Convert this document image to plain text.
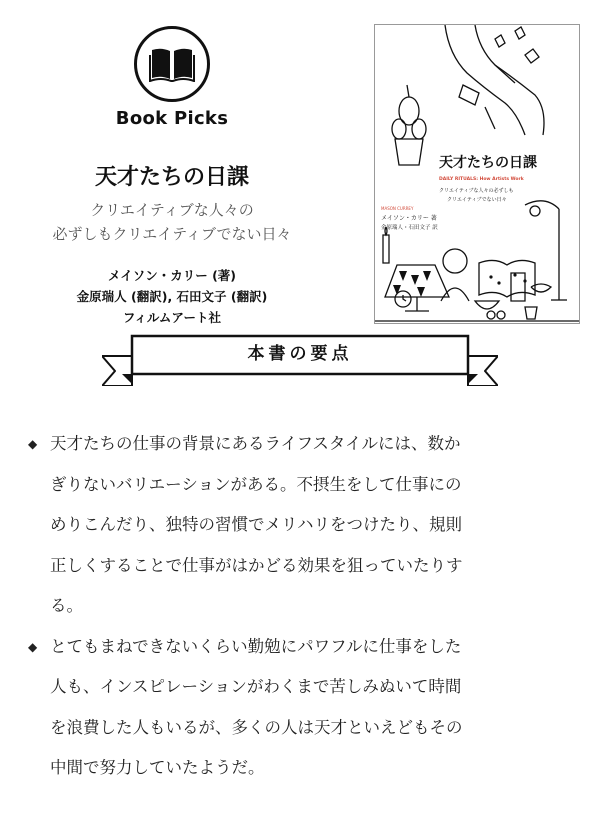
Book Picks
天才たちの日課
クリエイティブな人々の
必ずしもクリエイティブでない日々
メイソン・カリー (著)
金原瑞人 (翻訳), 石田文子 (翻訳)
フィルムアート社
天才たちの日課
DAILY RITUALS: How Artists Work
クリエイティブな人々の必ずしも
クリエイティブでない日々
MASON CURREY
メイソン・カリー 著
金原瑞人・石田文子 訳
本書の要点
◆ 天才たちの仕事の背景にあるライフスタイルには、数か
ぎりないバリエーションがある。不摂生をして仕事にの
めりこんだり、独特の習慣でメリハリをつけたり、規則
正しくすることで仕事がはかどる効果を狙っていたりす
る。
◆ とてもまねできないくらい勤勉にパワフルに仕事をした
人も、インスピレーションがわくまで苦しみぬいて時間
を浪費した人もいるが、多くの人は天才といえどもその
中間で努力していたようだ。
